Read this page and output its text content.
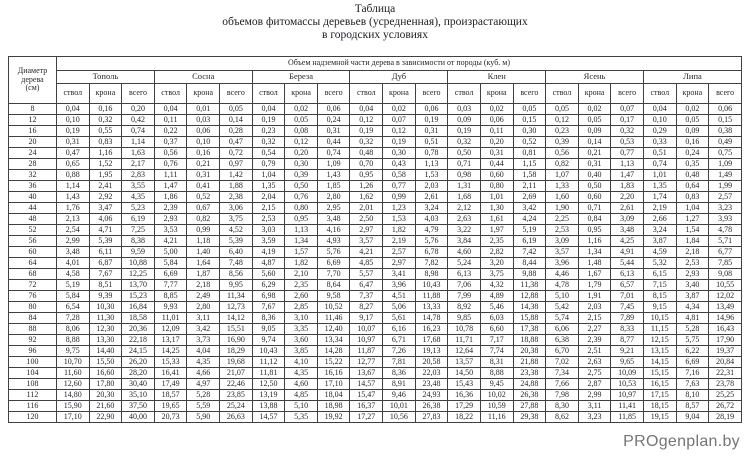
Таблица
объемов фитомассы деревьев (усредненная), произрастающих
в городских условиях
Диаметр
дерева
(см)	Объем надземной части дерева в зависимости от породы (куб. м)																				
	Тополь			Сосна			Береза			Дуб			Клен			Ясень			Липа		
	ствол	крона	всего	ствол	крона	всего	ствол	крона	всего	ствол	крона	всего	ствол	крона	всего	ствол	крона	всего	ствол	крона	всего
8	0,04	0,16	0,20	0,04	0,01	0,05	0,04	0,02	0,06	0,04	0,02	0,06	0,03	0,02	0,05	0,05	0,02	0,07	0,04	0,02	0,06
12	0,10	0,32	0,42	0,11	0,03	0,14	0,19	0,05	0,24	0,12	0,07	0,19	0,09	0,06	0,15	0,12	0,05	0,17	0,10	0,05	0,15
16	0,19	0,55	0,74	0,22	0,06	0,28	0,23	0,08	0,31	0,19	0,12	0,31	0,19	0,11	0,30	0,23	0,09	0,32	0,29	0,09	0,38
20	0,31	0,83	1,14	0,37	0,10	0,47	0,32	0,12	0,44	0,32	0,19	0,51	0,32	0,20	0,52	0,39	0,14	0,53	0,33	0,16	0,49
24	0,47	1,16	1,63	0,56	0,16	0,72	0,54	0,20	0,74	0,48	0,30	0,78	0,50	0,31	0,81	0,56	0,21	0,77	0,51	0,24	0,75
28	0,65	1,52	2,17	0,76	0,21	0,97	0,79	0,30	1,09	0,70	0,43	1,13	0,71	0,44	1,15	0,82	0,31	1,13	0,74	0,35	1,09
32	0,88	1,95	2,83	1,11	0,31	1,42	1,04	0,39	1,43	0,95	0,58	1,53	0,98	0,60	1,58	1,07	0,40	1,47	1,01	0,48	1,49
36	1,14	2,41	3,55	1,47	0,41	1,88	1,35	0,50	1,85	1,26	0,77	2,03	1,31	0,80	2,11	1,33	0,50	1,83	1,35	0,64	1,99
40	1,43	2,92	4,35	1,86	0,52	2,38	2,04	0,76	2,80	1,62	0,99	2,61	1,68	1,01	2,69	1,60	0,60	2,20	1,74	0,83	2,57
44	1,76	3,47	5,23	2,39	0,67	3,06	2,15	0,80	2,95	2,01	1,23	3,24	2,12	1,30	3,42	1,90	0,71	2,61	2,19	1,04	3,23
48	2,13	4,06	6,19	2,93	0,82	3,75	2,53	0,95	3,48	2,50	1,53	4,03	2,63	1,61	4,24	2,25	0,84	3,09	2,66	1,27	3,93
52	2,54	4,71	7,25	3,53	0,99	4,52	3,03	1,13	4,16	2,97	1,82	4,79	3,22	1,97	5,19	2,53	0,95	3,48	3,24	1,54	4,78
56	2,99	5,39	8,38	4,21	1,18	5,39	3,59	1,34	4,93	3,57	2,19	5,76	3,84	2,35	6,19	3,09	1,16	4,25	3,87	1,84	5,71
60	3,48	6,11	9,59	5,00	1,40	6,40	4,19	1,57	5,76	4,21	2,57	6,78	4,60	2,82	7,42	3,57	1,34	4,91	4,59	2,18	6,77
64	4,01	6,87	10,88	5,84	1,64	7,48	4,87	1,82	6,69	4,85	2,97	7,82	5,24	3,20	8,44	3,96	1,48	5,44	5,32	2,53	7,85
68	4,58	7,67	12,25	6,69	1,87	8,56	5,60	2,10	7,70	5,57	3,41	8,98	6,13	3,75	9,88	4,46	1,67	6,13	6,15	2,93	9,08
72	5,19	8,51	13,70	7,77	2,18	9,95	6,29	2,35	8,64	6,47	3,96	10,43	7,06	4,32	11,38	4,78	1,79	6,57	7,15	3,40	10,55
76	5,84	9,39	15,23	8,85	2,49	11,34	6,98	2,60	9,58	7,37	4,51	11,88	7,99	4,89	12,88	5,10	1,91	7,01	8,15	3,87	12,02
80	6,54	10,30	16,84	9,93	2,80	12,73	7,67	2,85	10,52	8,27	5,06	13,33	8,92	5,46	14,38	5,42	2,03	7,45	9,15	4,34	13,49
84	7,28	11,30	18,58	11,01	3,11	14,12	8,36	3,10	11,46	9,17	5,61	14,78	9,85	6,03	15,88	5,74	2,15	7,89	10,15	4,81	14,96
88	8,06	12,30	20,36	12,09	3,42	15,51	9,05	3,35	12,40	10,07	6,16	16,23	10,78	6,60	17,38	6,06	2,27	8,33	11,15	5,28	16,43
92	8,88	13,30	22,18	13,17	3,73	16,90	9,74	3,60	13,34	10,97	6,71	17,68	11,71	7,17	18,88	6,38	2,39	8,77	12,15	5,75	17,90
96	9,75	14,40	24,15	14,25	4,04	18,29	10,43	3,85	14,28	11,87	7,26	19,13	12,64	7,74	20,38	6,70	2,51	9,21	13,15	6,22	19,37
100	10,70	15,50	26,20	15,33	4,35	19,68	11,12	4,10	15,22	12,77	7,81	20,58	13,57	8,31	21,88	7,02	2,63	9,65	14,15	6,69	20,84
104	11,60	16,60	28,20	16,41	4,66	21,07	11,81	4,35	16,16	13,67	8,36	22,03	14,50	8,88	23,38	7,34	2,75	10,09	15,15	7,16	22,31
108	12,60	17,80	30,40	17,49	4,97	22,46	12,50	4,60	17,10	14,57	8,91	23,48	15,43	9,45	24,88	7,66	2,87	10,53	16,15	7,63	23,78
112	14,80	20,30	35,10	18,57	5,28	23,85	13,19	4,85	18,04	15,47	9,46	24,93	16,36	10,02	26,38	7,98	2,99	10,97	17,15	8,10	25,25
116	15,90	21,60	37,50	19,65	5,59	25,24	13,88	5,10	18,98	16,37	10,01	26,38	17,29	10,59	27,88	8,30	3,11	11,41	18,15	8,57	26,72
120	17,10	22,90	40,00	20,73	5,90	26,63	14,57	5,35	19,92	17,27	10,56	27,83	18,22	11,16	29,38	8,62	3,23	11,85	19,15	9,04	28,19
PROgenplan.by
